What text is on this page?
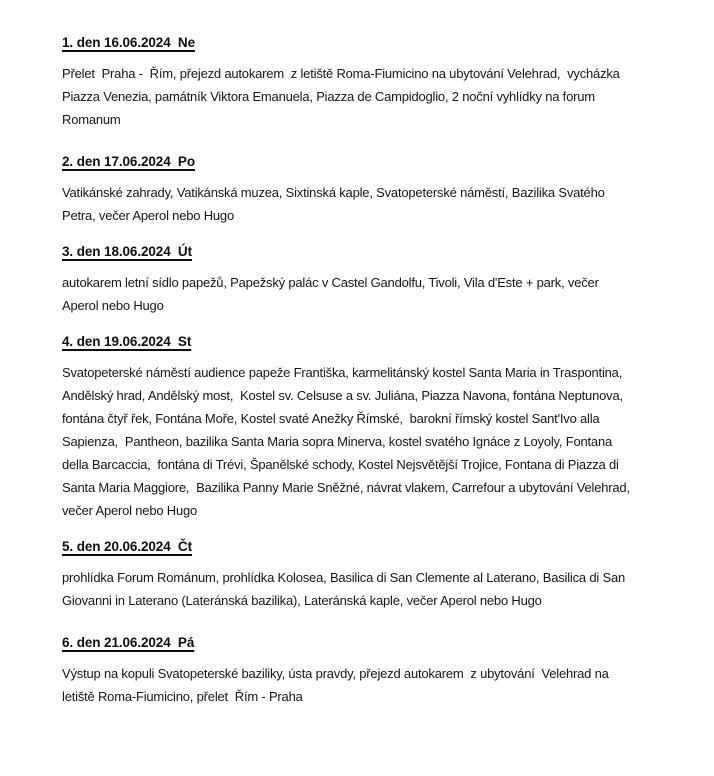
1. den 16.06.2024  Ne
Přelet  Praha -  Řím, přejezd autokarem  z letiště Roma-Fiumicino na ubytování Velehrad,  vycházka
Piazza Venezia, památník Viktora Emanuela, Piazza de Campidoglio, 2 noční vyhlídky na forum
Romanum
2. den 17.06.2024  Po
Vatikánské zahrady, Vatikánská muzea, Sixtinská kaple, Svatopeterské náměstí, Bazilika Svatého
Petra, večer Aperol nebo Hugo
3. den 18.06.2024  Út
autokarem letní sídlo papežů, Papežský palác v Castel Gandolfu, Tivoli, Vila d'Este + park, večer
Aperol nebo Hugo
4. den 19.06.2024  St
Svatopeterské náměstí audience papeže Františka, karmelitánský kostel Santa Maria in Traspontina,
Andělský hrad, Andělský most,  Kostel sv. Celsuse a sv. Juliána, Piazza Navona, fontána Neptunova,
fontána čtyř řek, Fontána Moře, Kostel svaté Anežky Římské,  barokní římský kostel Sant'Ivo alla
Sapienza,  Pantheon, bazilika Santa Maria sopra Minerva, kostel svatého Ignáce z Loyoly, Fontana
della Barcaccia,  fontána di Trévi, Španělské schody, Kostel Nejsvětější Trojice, Fontana di Piazza di
Santa Maria Maggiore,  Bazilika Panny Marie Sněžné, návrat vlakem, Carrefour a ubytování Velehrad,
večer Aperol nebo Hugo
5. den 20.06.2024  Čt
prohlídka Forum Románum, prohlídka Kolosea, Basilica di San Clemente al Laterano, Basilica di San
Giovanni in Laterano (Lateránská bazilika), Lateránská kaple, večer Aperol nebo Hugo
6. den 21.06.2024  Pá
Výstup na kopuli Svatopeterské baziliky, ústa pravdy, přejezd autokarem  z ubytování  Velehrad na
letiště Roma-Fiumicino, přelet  Řím - Praha
